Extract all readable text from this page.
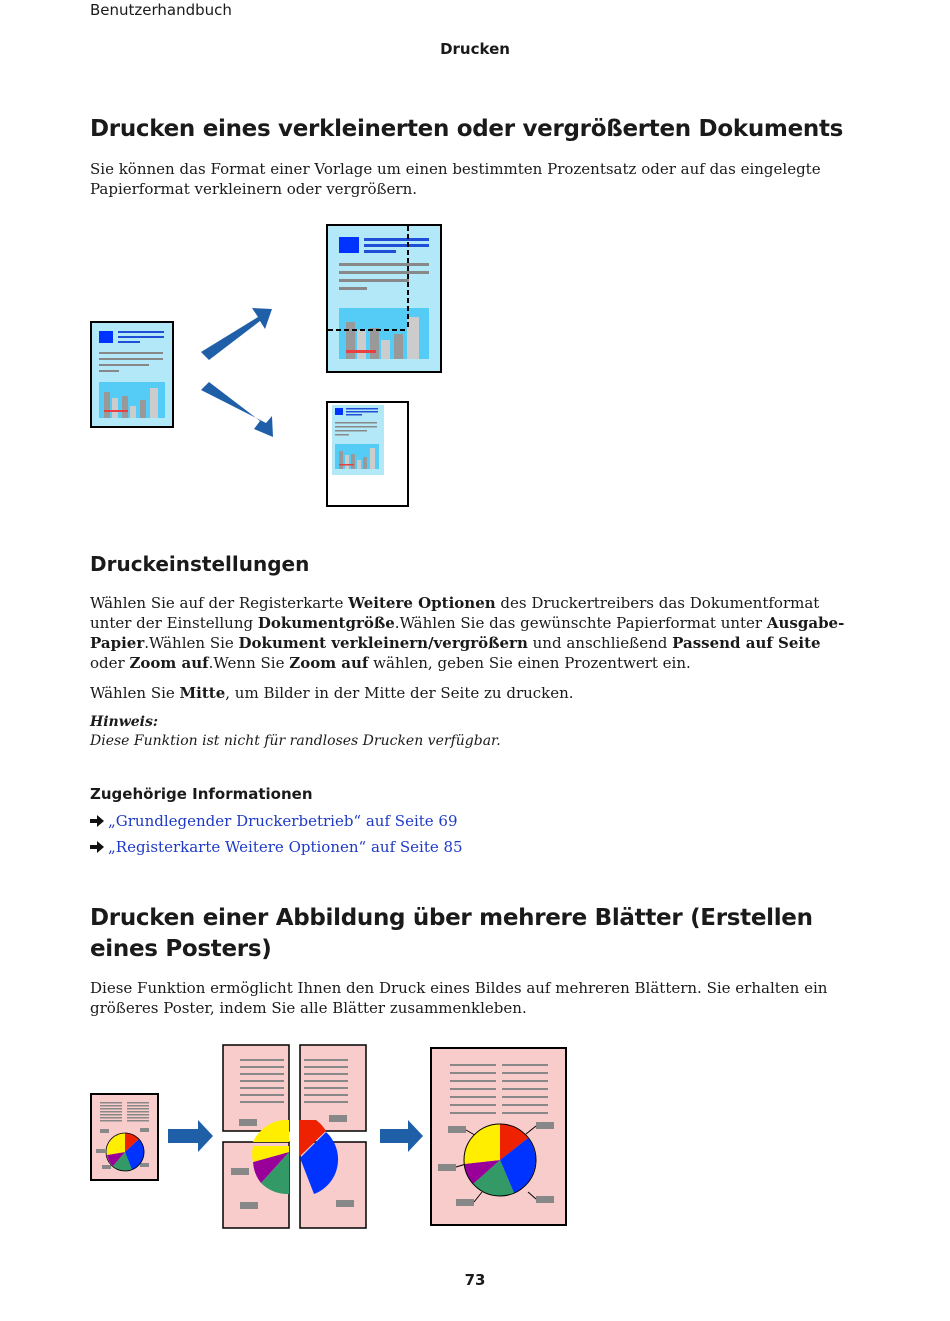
Benutzerhandbuch
Drucken
Drucken eines verkleinerten oder vergrößerten Dokuments

Sie können das Format einer Vorlage um einen bestimmten Prozentsatz oder auf das eingelegte Papierformat verkleinern oder vergrößern.

Druckeinstellungen

Wählen Sie auf der Registerkarte Weitere Optionen des Druckertreibers das Dokumentformat unter der Einstellung Dokumentgröße.Wählen Sie das gewünschte Papierformat unter Ausgabe-Papier.Wählen Sie Dokument verkleinern/vergrößern und anschließend Passend auf Seite oder Zoom auf.Wenn Sie Zoom auf wählen, geben Sie einen Prozentwert ein.

Wählen Sie Mitte, um Bilder in der Mitte der Seite zu drucken.

Hinweis:

Diese Funktion ist nicht für randloses Drucken verfügbar.

Zugehörige Informationen
„Grundlegender Druckerbetrieb“ auf Seite 69
„Registerkarte Weitere Optionen“ auf Seite 85
Drucken einer Abbildung über mehrere Blätter (Erstellen eines Posters)

Diese Funktion ermöglicht Ihnen den Druck eines Bildes auf mehreren Blättern. Sie erhalten ein größeres Poster, indem Sie alle Blätter zusammenkleben.

73
